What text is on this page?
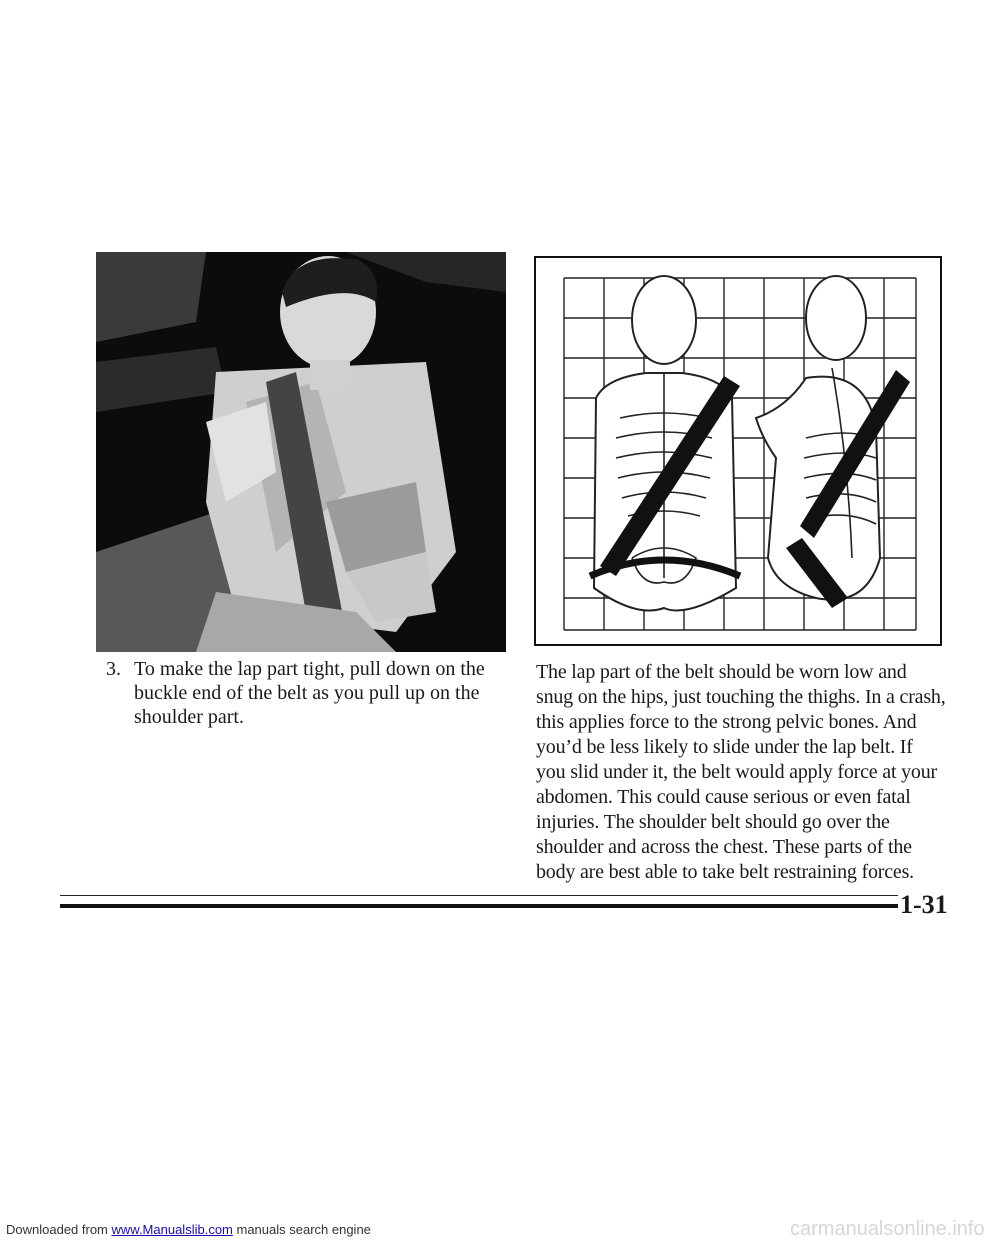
3. To make the lap part tight, pull down on the buckle end of the belt as you pull up on the shoulder part.
The lap part of the belt should be worn low and snug on the hips, just touching the thighs. In a crash, this applies force to the strong pelvic bones. And you’d be less likely to slide under the lap belt. If you slid under it, the belt would apply force at your abdomen. This could cause serious or even fatal injuries. The shoulder belt should go over the shoulder and across the chest. These parts of the body are best able to take belt restraining forces.
1-31
Downloaded from www.Manualslib.com manuals search engine	carmanualsonline.info
